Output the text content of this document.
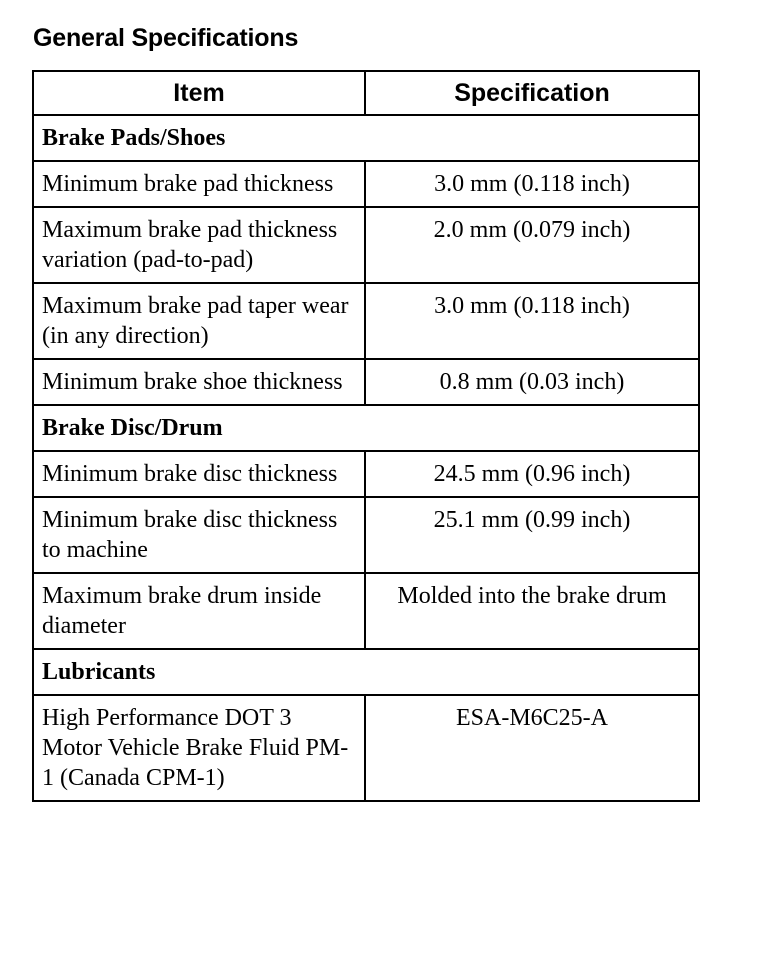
General Specifications
Item	Specification
Brake Pads/Shoes	
Minimum brake pad thickness	3.0 mm (0.118 inch)
Maximum brake pad thickness variation (pad-to-pad)	2.0 mm (0.079 inch)
Maximum brake pad taper wear (in any direction)	3.0 mm (0.118 inch)
Minimum brake shoe thickness	0.8 mm (0.03 inch)
Brake Disc/Drum	
Minimum brake disc thickness	24.5 mm (0.96 inch)
Minimum brake disc thickness to machine	25.1 mm (0.99 inch)
Maximum brake drum inside diameter	Molded into the brake drum
Lubricants	
High Performance DOT 3 Motor Vehicle Brake Fluid PM-1 (Canada CPM-1)	ESA-M6C25-A
